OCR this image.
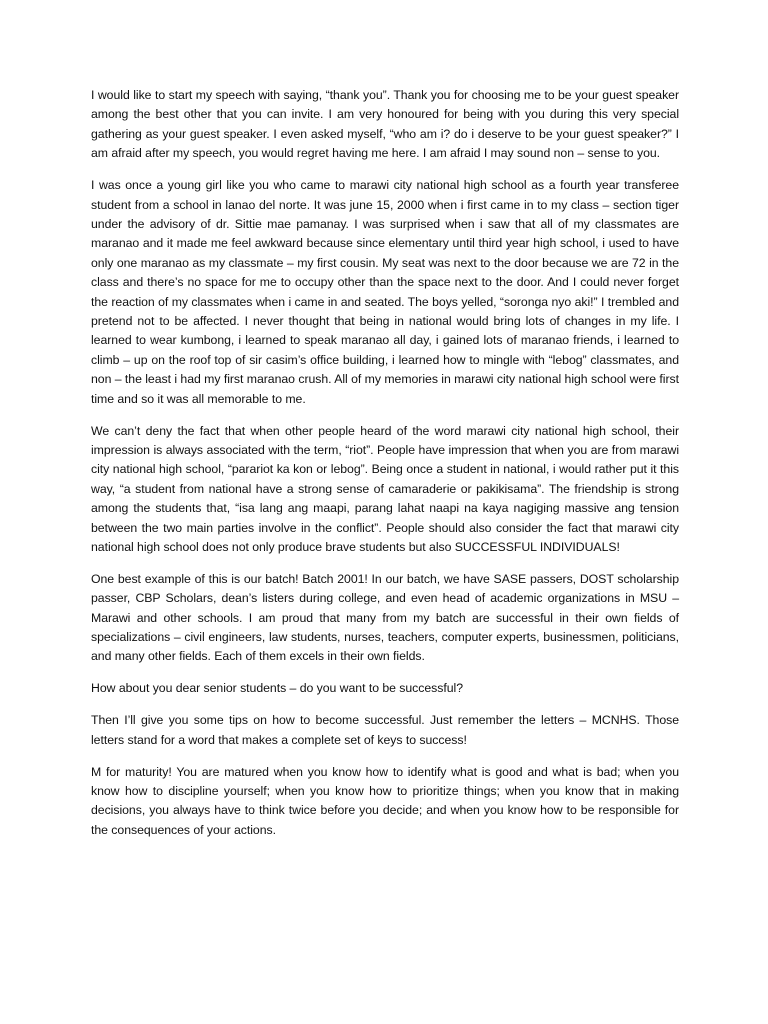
I would like to start my speech with saying, “thank you”. Thank you for choosing me to be your guest speaker among the best other that you can invite. I am very honoured for being with you during this very special gathering as your guest speaker. I even asked myself, “who am i? do i deserve to be your guest speaker?” I am afraid after my speech, you would regret having me here. I am afraid I may sound non – sense to you.

I was once a young girl like you who came to marawi city national high school as a fourth year transferee student from a school in lanao del norte. It was june 15, 2000 when i first came in to my class – section tiger under the advisory of dr. Sittie mae pamanay. I was surprised when i saw that all of my classmates are maranao and it made me feel awkward because since elementary until third year high school, i used to have only one maranao as my classmate – my first cousin. My seat was next to the door because we are 72 in the class and there’s no space for me to occupy other than the space next to the door. And I could never forget the reaction of my classmates when i came in and seated. The boys yelled, “soronga nyo aki!” I trembled and pretend not to be affected. I never thought that being in national would bring lots of changes in my life. I learned to wear kumbong, i learned to speak maranao all day, i gained lots of maranao friends, i learned to climb – up on the roof top of sir casim’s office building, i learned how to mingle with “lebog” classmates, and non – the least i had my first maranao crush. All of my memories in marawi city national high school were first time and so it was all memorable to me.

We can’t deny the fact that when other people heard of the word marawi city national high school, their impression is always associated with the term, “riot”. People have impression that when you are from marawi city national high school, “parariot ka kon or lebog”. Being once a student in national, i would rather put it this way, “a student from national have a strong sense of camaraderie or pakikisama”. The friendship is strong among the students that, “isa lang ang maapi, parang lahat naapi na kaya nagiging massive ang tension between the two main parties involve in the conflict”. People should also consider the fact that marawi city national high school does not only produce brave students but also SUCCESSFUL INDIVIDUALS!

One best example of this is our batch! Batch 2001! In our batch, we have SASE passers, DOST scholarship passer, CBP Scholars, dean’s listers during college, and even head of academic organizations in MSU – Marawi and other schools. I am proud that many from my batch are successful in their own fields of specializations – civil engineers, law students, nurses, teachers, computer experts, businessmen, politicians, and many other fields. Each of them excels in their own fields.

How about you dear senior students – do you want to be successful?

Then I’ll give you some tips on how to become successful. Just remember the letters – MCNHS. Those letters stand for a word that makes a complete set of keys to success!

M for maturity! You are matured when you know how to identify what is good and what is bad; when you know how to discipline yourself; when you know how to prioritize things; when you know that in making decisions, you always have to think twice before you decide; and when you know how to be responsible for the consequences of your actions.
